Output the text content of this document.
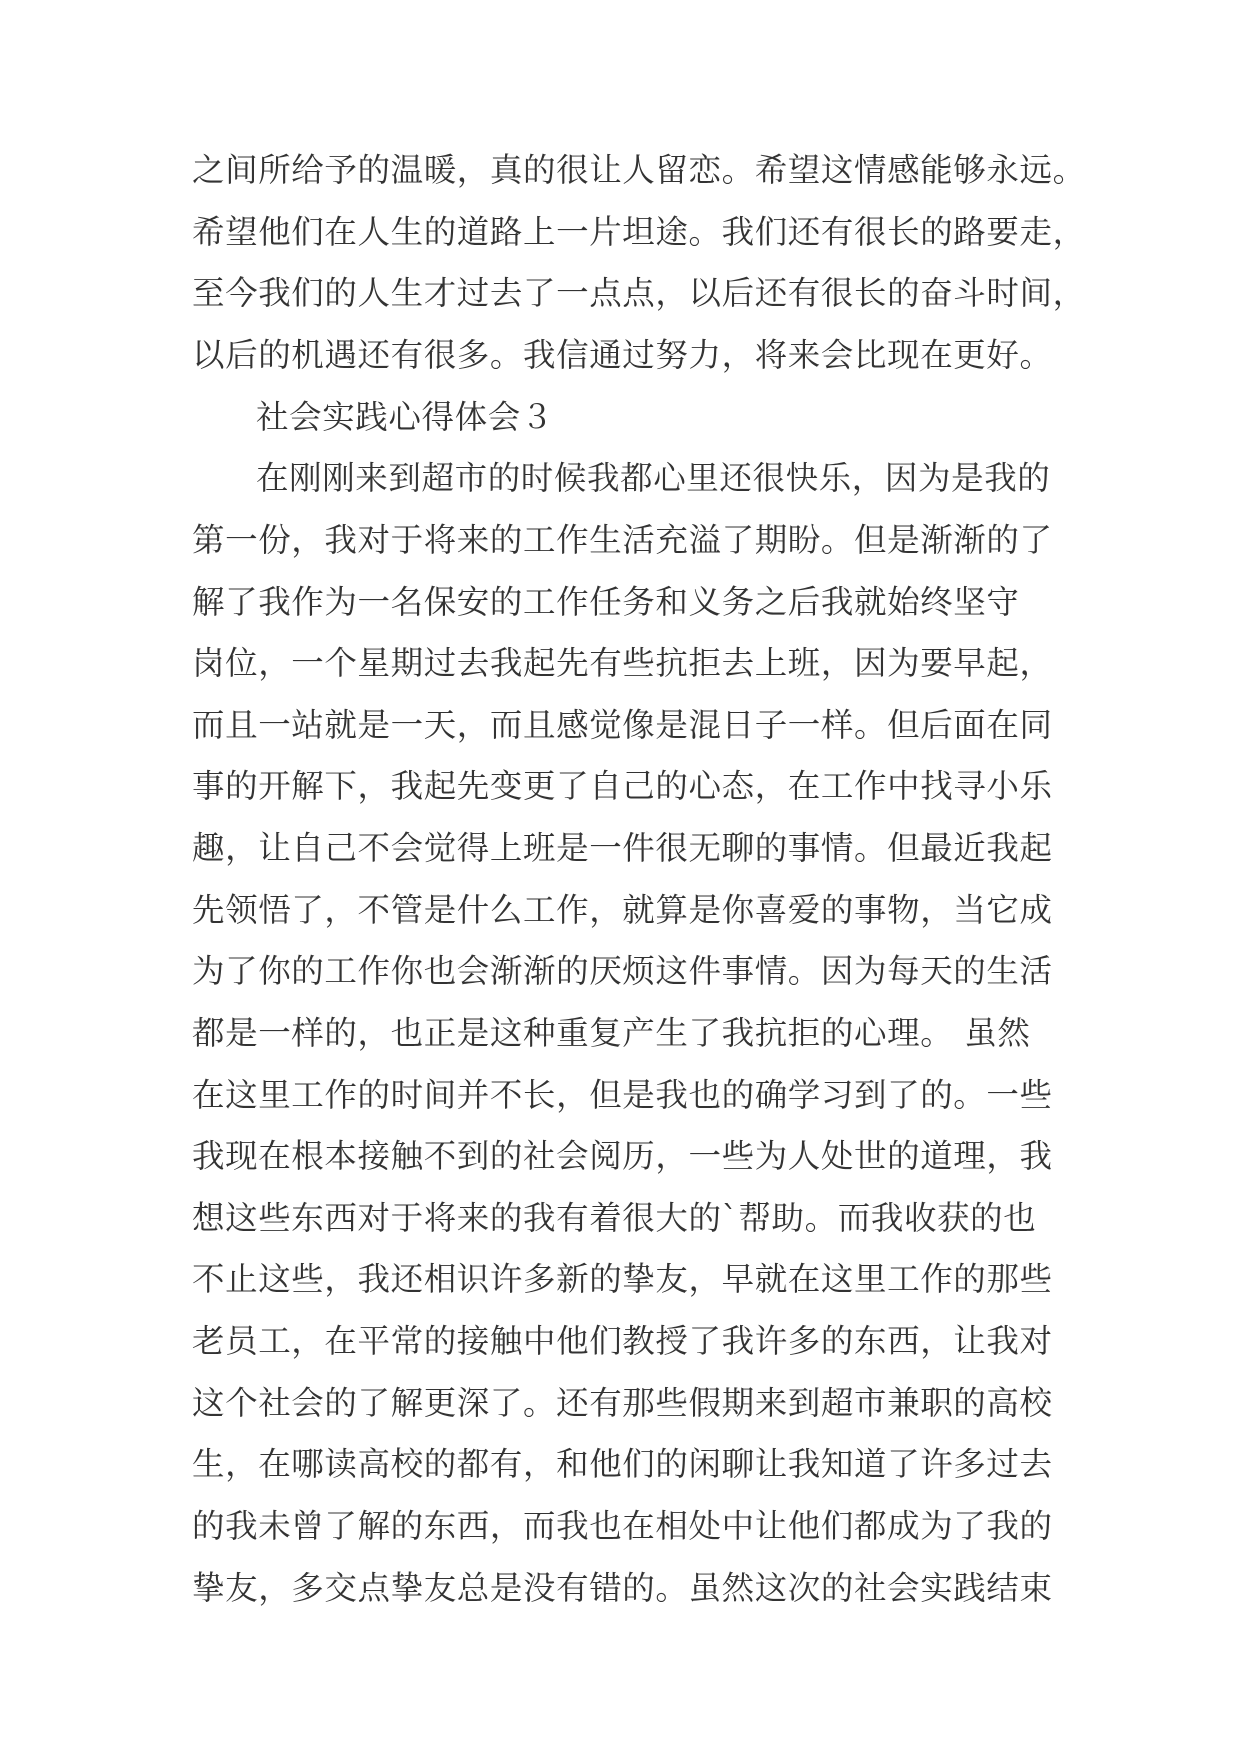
之间所给予的温暖，真的很让人留恋。希望这情感能够永远。
希望他们在人生的道路上一片坦途。我们还有很长的路要走，
至今我们的人生才过去了一点点，以后还有很长的奋斗时间，
以后的机遇还有很多。我信通过努力，将来会比现在更好。
社会实践心得体会３
在刚刚来到超市的时候我都心里还很快乐，因为是我的
第一份，我对于将来的工作生活充溢了期盼。但是渐渐的了
解了我作为一名保安的工作任务和义务之后我就始终坚守
岗位，一个星期过去我起先有些抗拒去上班，因为要早起，
而且一站就是一天，而且感觉像是混日子一样。但后面在同
事的开解下，我起先变更了自己的心态，在工作中找寻小乐
趣，让自己不会觉得上班是一件很无聊的事情。但最近我起
先领悟了，不管是什么工作，就算是你喜爱的事物，当它成
为了你的工作你也会渐渐的厌烦这件事情。因为每天的生活
都是一样的，也正是这种重复产生了我抗拒的心理。 虽然
在这里工作的时间并不长，但是我也的确学习到了的。一些
我现在根本接触不到的社会阅历，一些为人处世的道理，我
想这些东西对于将来的我有着很大的`帮助。而我收获的也
不止这些，我还相识许多新的挚友，早就在这里工作的那些
老员工，在平常的接触中他们教授了我许多的东西，让我对
这个社会的了解更深了。还有那些假期来到超市兼职的高校
生，在哪读高校的都有，和他们的闲聊让我知道了许多过去
的我未曾了解的东西，而我也在相处中让他们都成为了我的
挚友，多交点挚友总是没有错的。虽然这次的社会实践结束
